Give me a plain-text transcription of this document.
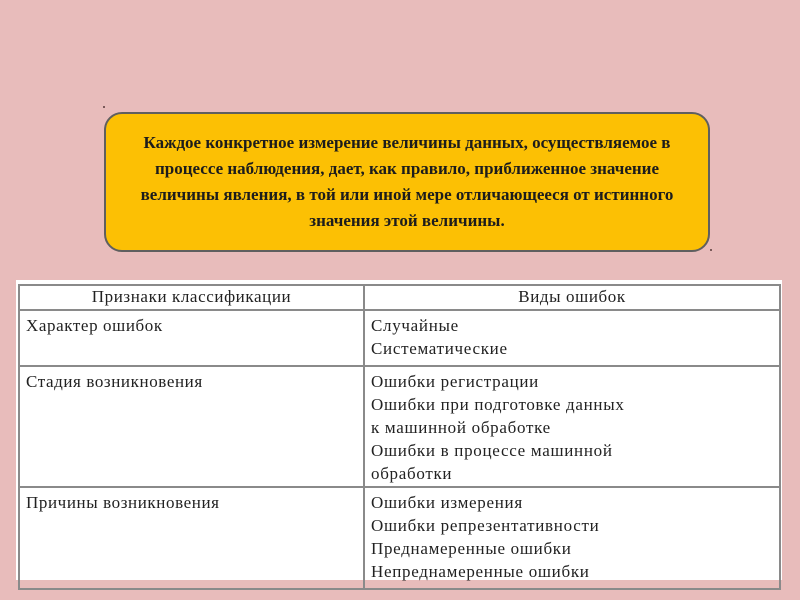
Каждое конкретное измерение величины данных, осуществляемое в процессе наблюдения, дает, как правило, приближенное значение величины явления, в той или иной мере отличающееся от истинного значения этой величины.

Признаки классификации	Виды ошибок
Характер ошибок	Случайные
Систематические

Стадия возникновения	Ошибки регистрации
Ошибки при подготовке данных
к машинной обработке
Ошибки в процессе машинной
обработки

Причины возникновения	Ошибки измерения
Ошибки репрезентативности
Преднамеренные ошибки
Непреднамеренные ошибки
